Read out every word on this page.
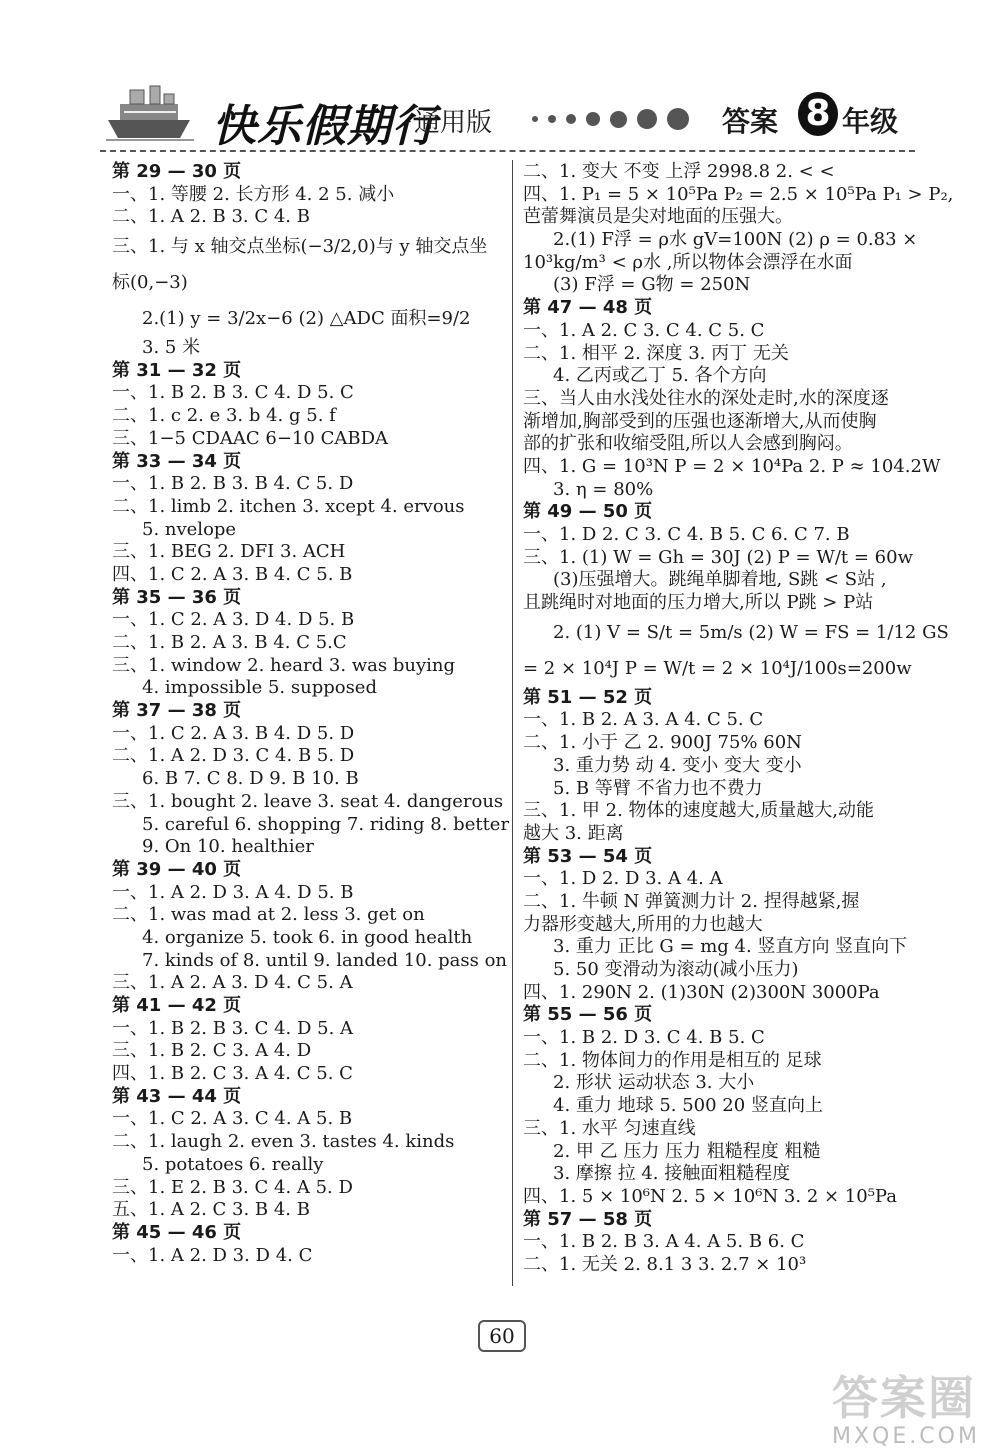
快乐假期行
通用版	答案 8 年级
第 29 — 30 页
一、1. 等腰 2. 长方形 4. 2 5. 减小
二、1. A 2. B 3. C 4. B
三、1. 与 x 轴交点坐标(−3/2,0)与 y 轴交点坐
标(0,−3)
2.(1) y = 3/2x−6 (2) △ADC 面积=9/2
3. 5 米
第 31 — 32 页
一、1. B 2. B 3. C 4. D 5. C
二、1. c 2. e 3. b 4. g 5. f
三、1−5 CDAAC 6−10 CABDA
第 33 — 34 页
一、1. B 2. B 3. B 4. C 5. D
二、1. limb 2. itchen 3. xcept 4. ervous
5. nvelope
三、1. BEG 2. DFI 3. ACH
四、1. C 2. A 3. B 4. C 5. B
第 35 — 36 页
一、1. C 2. A 3. D 4. D 5. B
二、1. B 2. A 3. B 4. C 5.C
三、1. window 2. heard 3. was buying
4. impossible 5. supposed
第 37 — 38 页
一、1. C 2. A 3. B 4. D 5. D
二、1. A 2. D 3. C 4. B 5. D
6. B 7. C 8. D 9. B 10. B
三、1. bought 2. leave 3. seat 4. dangerous
5. careful 6. shopping 7. riding 8. better
9. On 10. healthier
第 39 — 40 页
一、1. A 2. D 3. A 4. D 5. B
二、1. was mad at 2. less 3. get on
4. organize 5. took 6. in good health
7. kinds of 8. until 9. landed 10. pass on
三、1. A 2. A 3. D 4. C 5. A
第 41 — 42 页
一、1. B 2. B 3. C 4. D 5. A
三、1. B 2. C 3. A 4. D
四、1. B 2. C 3. A 4. C 5. C
第 43 — 44 页
一、1. C 2. A 3. C 4. A 5. B
二、1. laugh 2. even 3. tastes 4. kinds
5. potatoes 6. really
三、1. E 2. B 3. C 4. A 5. D
五、1. A 2. C 3. B 4. B
第 45 — 46 页
一、1. A 2. D 3. D 4. C
二、1. 变大 不变 上浮 2998.8 2. < <
四、1. P₁ = 5 × 10⁵Pa P₂ = 2.5 × 10⁵Pa P₁ > P₂,
芭蕾舞演员是尖对地面的压强大。
2.(1) F浮 = ρ水 gV=100N (2) ρ = 0.83 ×
10³kg/m³ < ρ水 ,所以物体会漂浮在水面
(3) F浮 = G物 = 250N
第 47 — 48 页
一、1. A 2. C 3. C 4. C 5. C
二、1. 相平 2. 深度 3. 丙丁 无关
4. 乙丙或乙丁 5. 各个方向
三、当人由水浅处往水的深处走时,水的深度逐
渐增加,胸部受到的压强也逐渐增大,从而使胸
部的扩张和收缩受阻,所以人会感到胸闷。
四、1. G = 10³N P = 2 × 10⁴Pa 2. P ≈ 104.2W
3. η = 80%
第 49 — 50 页
一、1. D 2. C 3. C 4. B 5. C 6. C 7. B
三、1. (1) W = Gh = 30J (2) P = W/t = 60w
(3)压强增大。跳绳单脚着地, S跳 < S站 ,
且跳绳时对地面的压力增大,所以 P跳 > P站
2. (1) V = S/t = 5m/s (2) W = FS = 1/12 GS
= 2 × 10⁴J P = W/t = 2 × 10⁴J/100s=200w
第 51 — 52 页
一、1. B 2. A 3. A 4. C 5. C
二、1. 小于 乙 2. 900J 75% 60N
3. 重力势 动 4. 变小 变大 变小
5. B 等臂 不省力也不费力
三、1. 甲 2. 物体的速度越大,质量越大,动能
越大 3. 距离
第 53 — 54 页
一、1. D 2. D 3. A 4. A
二、1. 牛顿 N 弹簧测力计 2. 捏得越紧,握
力器形变越大,所用的力也越大
3. 重力 正比 G = mg 4. 竖直方向 竖直向下
5. 50 变滑动为滚动(减小压力)
四、1. 290N 2. (1)30N (2)300N 3000Pa
第 55 — 56 页
一、1. B 2. D 3. C 4. B 5. C
二、1. 物体间力的作用是相互的 足球
2. 形状 运动状态 3. 大小
4. 重力 地球 5. 500 20 竖直向上
三、1. 水平 匀速直线
2. 甲 乙 压力 压力 粗糙程度 粗糙
3. 摩擦 拉 4. 接触面粗糙程度
四、1. 5 × 10⁶N 2. 5 × 10⁶N 3. 2 × 10⁵Pa
第 57 — 58 页
一、1. B 2. B 3. A 4. A 5. B 6. C
二、1. 无关 2. 8.1 3 3. 2.7 × 10³
60
答案圈
MXQE.COM
